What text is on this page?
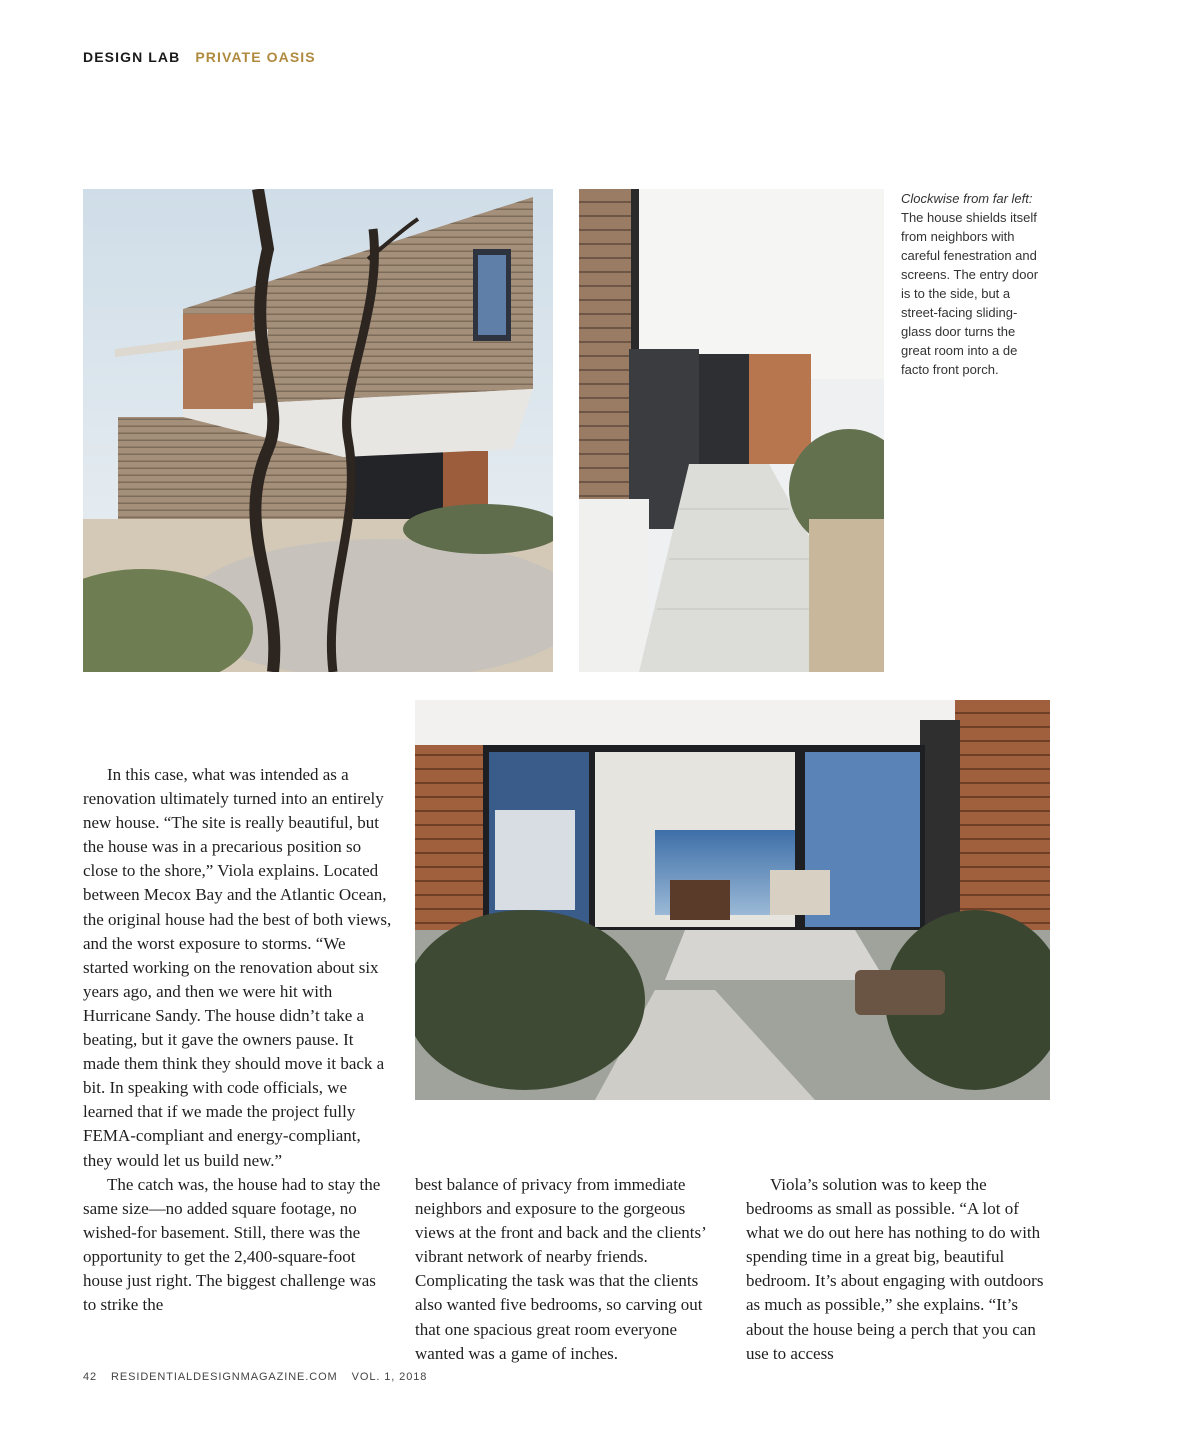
DESIGN LAB PRIVATE OASIS
Clockwise from far left: The house shields itself from neighbors with careful fenestration and screens. The entry door is to the side, but a street-facing sliding-glass door turns the great room into a de facto front porch.

In this case, what was intended as a renovation ultimately turned into an entirely new house. “The site is really beautiful, but the house was in a precarious position so close to the shore,” Viola explains. Located between Mecox Bay and the Atlantic Ocean, the original house had the best of both views, and the worst exposure to storms. “We started working on the renovation about six years ago, and then we were hit with Hurricane Sandy. The house didn’t take a beating, but it gave the owners pause. It made them think they should move it back a bit. In speaking with code officials, we learned that if we made the project fully FEMA-compliant and energy-compliant, they would let us build new.”

The catch was, the house had to stay the same size—no added square footage, no wished-for basement. Still, there was the opportunity to get the 2,400-square-foot house just right. The biggest challenge was to strike the

best balance of privacy from immediate neighbors and exposure to the gorgeous views at the front and back and the clients’ vibrant network of nearby friends. Complicating the task was that the clients also wanted five bedrooms, so carving out that one spacious great room everyone wanted was a game of inches.

Viola’s solution was to keep the bedrooms as small as possible. “A lot of what we do out here has nothing to do with spending time in a great big, beautiful bedroom. It’s about engaging with outdoors as much as possible,” she explains. “It’s about the house being a perch that you can use to access

42 RESIDENTIALDESIGNMAGAZINE.COM VOL. 1, 2018
